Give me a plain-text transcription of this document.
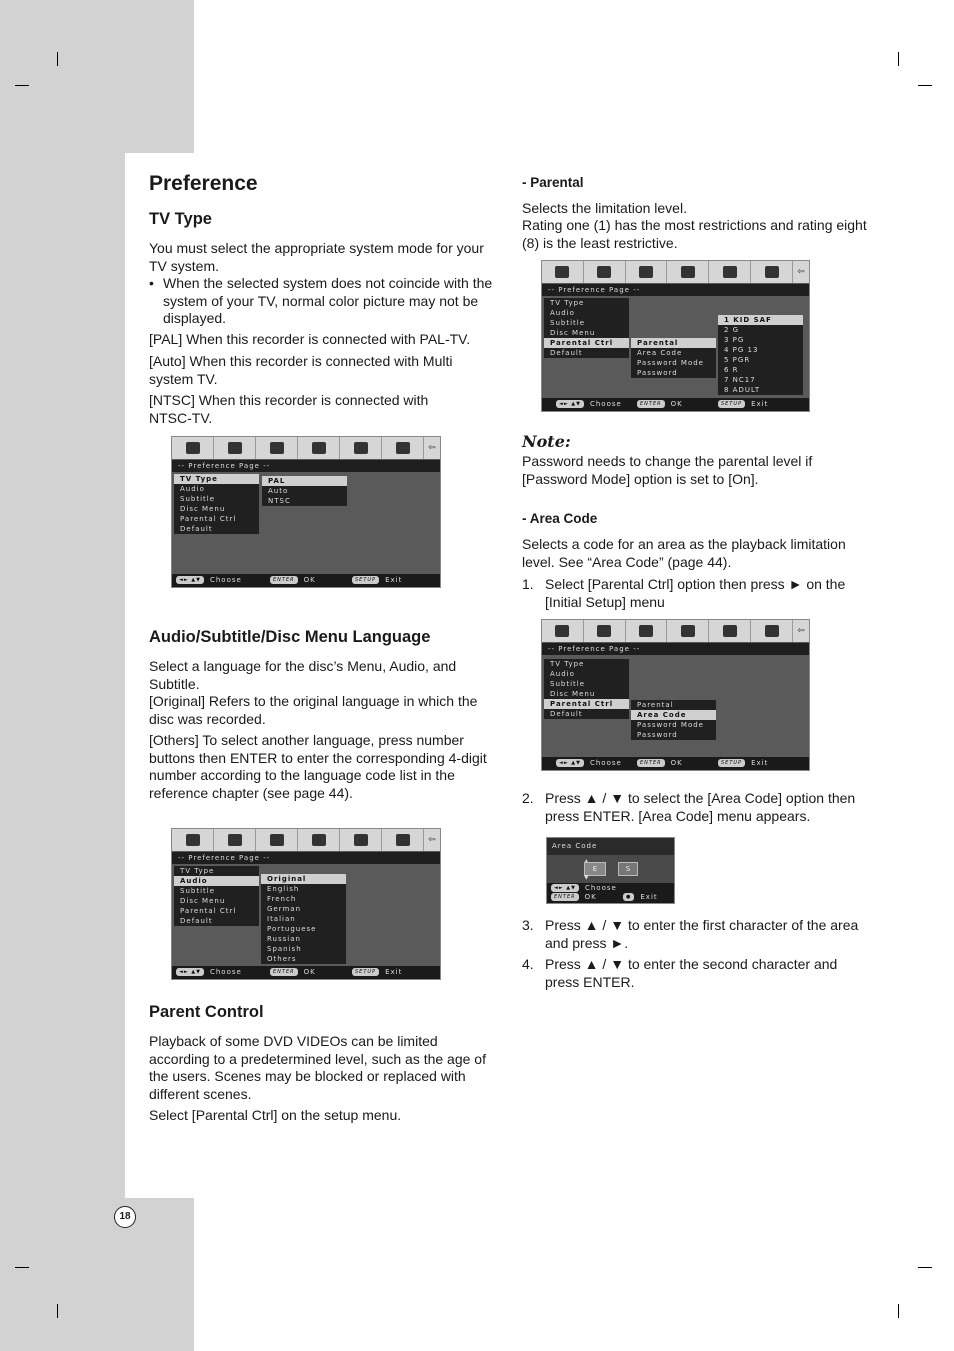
Preference
TV Type

You must select the appropriate system mode for your TV system.

• When the selected system does not coincide with the system of your TV, normal color picture may not be displayed.

[PAL] When this recorder is connected with PAL-TV.

[Auto] When this recorder is connected with Multi system TV.

[NTSC] When this recorder is connected with NTSC-TV.

⇦
-- Preference Page --
TV Type
Audio
Subtitle
Disc Menu
Parental Ctrl
Default
PAL
Auto
NTSC
◄► ▲▼ Choose	ENTER OK	SETUP Exit
Audio/Subtitle/Disc Menu Language

Select a language for the disc’s Menu, Audio, and Subtitle.

[Original] Refers to the original language in which the disc was recorded.

[Others] To select another language, press number buttons then ENTER to enter the corresponding 4-digit number according to the language code list in the reference chapter (see page 44).

⇦
-- Preference Page --
TV Type
Audio
Subtitle
Disc Menu
Parental Ctrl
Default
Original
English
French
German
Italian
Portuguese
Russian
Spanish
Others
◄► ▲▼ Choose	ENTER OK	SETUP Exit
Parent Control

Playback of some DVD VIDEOs can be limited according to a predetermined level, such as the age of the users. Scenes may be blocked or replaced with different scenes.

Select [Parental Ctrl] on the setup menu.

18
- Parental

Selects the limitation level.

Rating one (1) has the most restrictions and rating eight (8) is the least restrictive.

⇦
-- Preference Page --
TV Type
Audio
Subtitle
Disc Menu
Parental Ctrl
Default
Parental
Area Code
Password Mode
Password
1 KID SAF
2 G
3 PG
4 PG 13
5 PGR
6 R
7 NC17
8 ADULT
◄► ▲▼ Choose	ENTER OK	SETUP Exit
Note:

Password needs to change the parental level if [Password Mode] option is set to [On].

- Area Code

Selects a code for an area as the playback limitation level. See “Area Code” (page 44).

1. Select [Parental Ctrl] option then press ► on the [Initial Setup] menu

⇦
-- Preference Page --
TV Type
Audio
Subtitle
Disc Menu
Parental Ctrl
Default
Parental
Area Code
Password Mode
Password
◄► ▲▼ Choose	ENTER OK	SETUP Exit

2. Press ▲ / ▼ to select the [Area Code] option then press ENTER. [Area Code] menu appears.

Area Code
E
▼
S
◄► ▲▼ Choose
ENTER OK	● Exit

3. Press ▲ / ▼ to enter the first character of the area and press ►.

4. Press ▲ / ▼ to enter the second character and press ENTER.
